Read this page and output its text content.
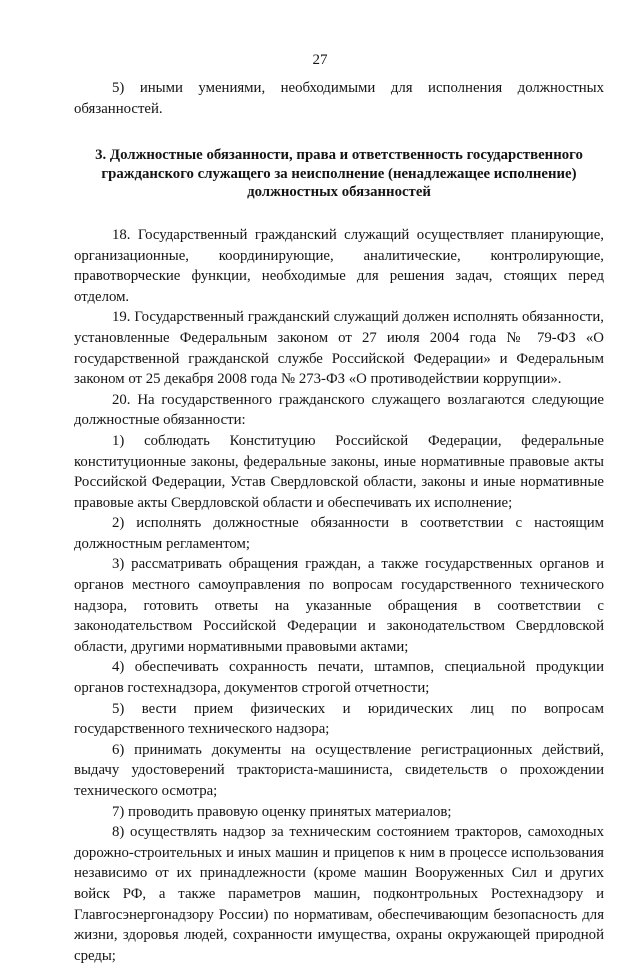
27

5) иными умениями, необходимыми для исполнения должностных обязанностей.

3. Должностные обязанности, права и ответственность государственного гражданского служащего за неисполнение (ненадлежащее исполнение) должностных обязанностей

18. Государственный гражданский служащий осуществляет планирующие, организационные, координирующие, аналитические, контролирующие, правотворческие функции, необходимые для решения задач, стоящих перед отделом.

19. Государственный гражданский служащий должен исполнять обязанности, установленные Федеральным законом от 27 июля 2004 года № 79-ФЗ «О государственной гражданской службе Российской Федерации» и Федеральным законом от 25 декабря 2008 года № 273-ФЗ «О противодействии коррупции».

20. На государственного гражданского служащего возлагаются следующие должностные обязанности:

1) соблюдать Конституцию Российской Федерации, федеральные конституционные законы, федеральные законы, иные нормативные правовые акты Российской Федерации, Устав Свердловской области, законы и иные нормативные правовые акты Свердловской области и обеспечивать их исполнение;

2) исполнять должностные обязанности в соответствии с настоящим должностным регламентом;

3) рассматривать обращения граждан, а также государственных органов и органов местного самоуправления по вопросам государственного технического надзора, готовить ответы на указанные обращения в соответствии с законодательством Российской Федерации и законодательством Свердловской области, другими нормативными правовыми актами;

4) обеспечивать сохранность печати, штампов, специальной продукции органов гостехнадзора, документов строгой отчетности;

5) вести прием физических и юридических лиц по вопросам государственного технического надзора;

6) принимать документы на осуществление регистрационных действий, выдачу удостоверений тракториста-машиниста, свидетельств о прохождении технического осмотра;

7) проводить правовую оценку принятых материалов;

8) осуществлять надзор за техническим состоянием тракторов, самоходных дорожно-строительных и иных машин и прицепов к ним в процессе использования независимо от их принадлежности (кроме машин Вооруженных Сил и других войск РФ, а также параметров машин, подконтрольных Ростехнадзору и Главгосэнергонадзору России) по нормативам, обеспечивающим безопасность для жизни, здоровья людей, сохранности имущества, охраны окружающей природной среды;
